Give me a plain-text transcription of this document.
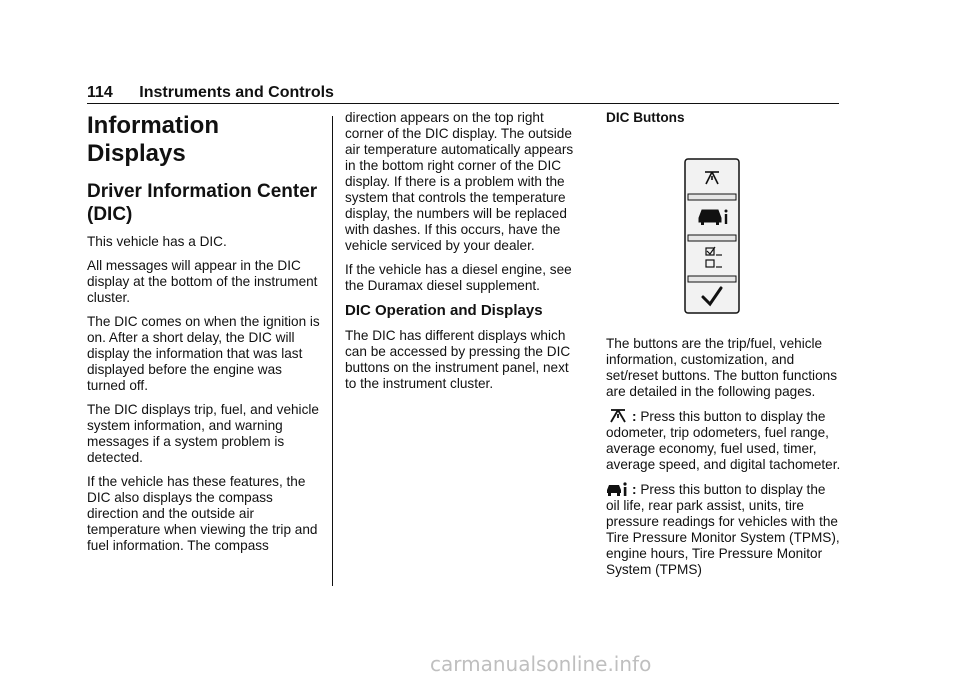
114 Instruments and Controls
Information Displays
Driver Information Center (DIC)

This vehicle has a DIC.

All messages will appear in the DIC display at the bottom of the instrument cluster.

The DIC comes on when the ignition is on. After a short delay, the DIC will display the information that was last displayed before the engine was turned off.

The DIC displays trip, fuel, and vehicle system information, and warning messages if a system problem is detected.

If the vehicle has these features, the DIC also displays the compass direction and the outside air temperature when viewing the trip and fuel information. The compass

direction appears on the top right corner of the DIC display. The outside air temperature automatically appears in the bottom right corner of the DIC display. If there is a problem with the system that controls the temperature display, the numbers will be replaced with dashes. If this occurs, have the vehicle serviced by your dealer.

If the vehicle has a diesel engine, see the Duramax diesel supplement.

DIC Operation and Displays

The DIC has different displays which can be accessed by pressing the DIC buttons on the instrument panel, next to the instrument cluster.

DIC Buttons

The buttons are the trip/fuel, vehicle information, customization, and set/reset buttons. The button functions are detailed in the following pages.

: Press this button to display the odometer, trip odometers, fuel range, average economy, fuel used, timer, average speed, and digital tachometer.

: Press this button to display the oil life, rear park assist, units, tire pressure readings for vehicles with the Tire Pressure Monitor System (TPMS), engine hours, Tire Pressure Monitor System (TPMS)

carmanualsonline.info
